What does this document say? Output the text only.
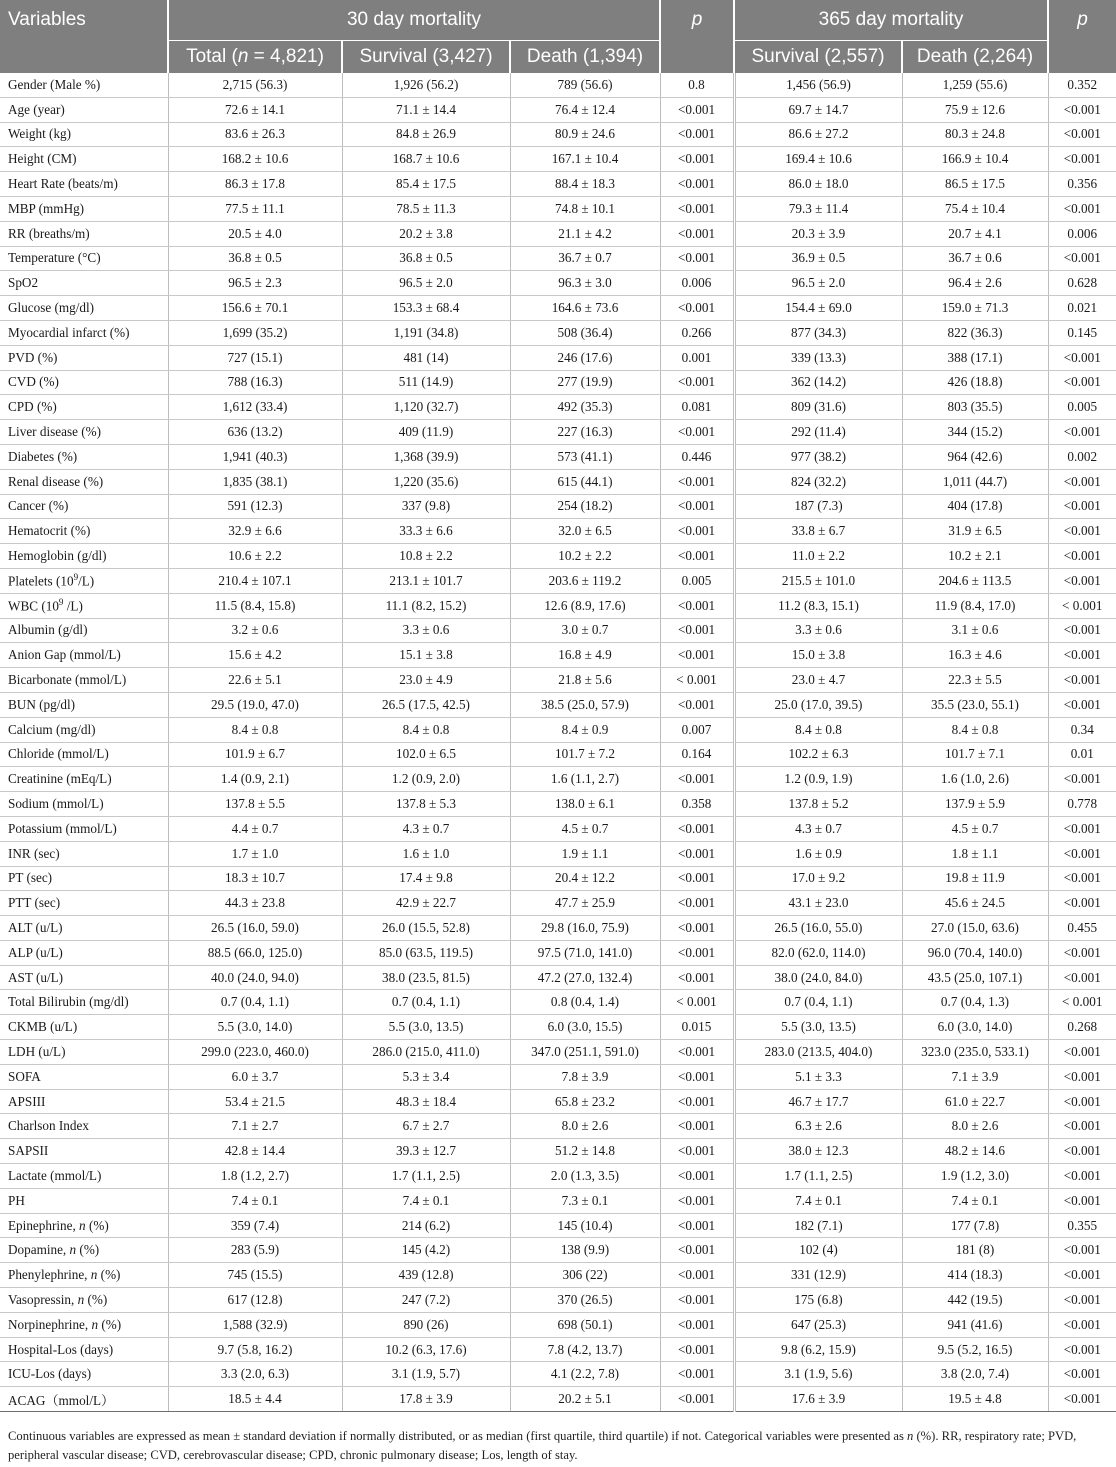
Variables	30 day mortality			p	365 day mortality		p
	Total (n = 4,821)	Survival (3,427)	Death (1,394)		Survival (2,557)	Death (2,264)	
Gender (Male %)	2,715 (56.3)	1,926 (56.2)	789 (56.6)	0.8	1,456 (56.9)	1,259 (55.6)	0.352
Age (year)	72.6 ± 14.1	71.1 ± 14.4	76.4 ± 12.4	<0.001	69.7 ± 14.7	75.9 ± 12.6	<0.001
Weight (kg)	83.6 ± 26.3	84.8 ± 26.9	80.9 ± 24.6	<0.001	86.6 ± 27.2	80.3 ± 24.8	<0.001
Height (CM)	168.2 ± 10.6	168.7 ± 10.6	167.1 ± 10.4	<0.001	169.4 ± 10.6	166.9 ± 10.4	<0.001
Heart Rate (beats/m)	86.3 ± 17.8	85.4 ± 17.5	88.4 ± 18.3	<0.001	86.0 ± 18.0	86.5 ± 17.5	0.356
MBP (mmHg)	77.5 ± 11.1	78.5 ± 11.3	74.8 ± 10.1	<0.001	79.3 ± 11.4	75.4 ± 10.4	<0.001
RR (breaths/m)	20.5 ± 4.0	20.2 ± 3.8	21.1 ± 4.2	<0.001	20.3 ± 3.9	20.7 ± 4.1	0.006
Temperature (°C)	36.8 ± 0.5	36.8 ± 0.5	36.7 ± 0.7	<0.001	36.9 ± 0.5	36.7 ± 0.6	<0.001
SpO2	96.5 ± 2.3	96.5 ± 2.0	96.3 ± 3.0	0.006	96.5 ± 2.0	96.4 ± 2.6	0.628
Glucose (mg/dl)	156.6 ± 70.1	153.3 ± 68.4	164.6 ± 73.6	<0.001	154.4 ± 69.0	159.0 ± 71.3	0.021
Myocardial infarct (%)	1,699 (35.2)	1,191 (34.8)	508 (36.4)	0.266	877 (34.3)	822 (36.3)	0.145
PVD (%)	727 (15.1)	481 (14)	246 (17.6)	0.001	339 (13.3)	388 (17.1)	<0.001
CVD (%)	788 (16.3)	511 (14.9)	277 (19.9)	<0.001	362 (14.2)	426 (18.8)	<0.001
CPD (%)	1,612 (33.4)	1,120 (32.7)	492 (35.3)	0.081	809 (31.6)	803 (35.5)	0.005
Liver disease (%)	636 (13.2)	409 (11.9)	227 (16.3)	<0.001	292 (11.4)	344 (15.2)	<0.001
Diabetes (%)	1,941 (40.3)	1,368 (39.9)	573 (41.1)	0.446	977 (38.2)	964 (42.6)	0.002
Renal disease (%)	1,835 (38.1)	1,220 (35.6)	615 (44.1)	<0.001	824 (32.2)	1,011 (44.7)	<0.001
Cancer (%)	591 (12.3)	337 (9.8)	254 (18.2)	<0.001	187 (7.3)	404 (17.8)	<0.001
Hematocrit (%)	32.9 ± 6.6	33.3 ± 6.6	32.0 ± 6.5	<0.001	33.8 ± 6.7	31.9 ± 6.5	<0.001
Hemoglobin (g/dl)	10.6 ± 2.2	10.8 ± 2.2	10.2 ± 2.2	<0.001	11.0 ± 2.2	10.2 ± 2.1	<0.001
Platelets $(10^9/L)$	210.4 ± 107.1	213.1 ± 101.7	203.6 ± 119.2	0.005	215.5 ± 101.0	204.6 ± 113.5	<0.001
WBC ($10^9$ /L)	11.5 (8.4, 15.8)	11.1 (8.2, 15.2)	12.6 (8.9, 17.6)	<0.001	11.2 (8.3, 15.1)	11.9 (8.4, 17.0)	< 0.001
Albumin (g/dl)	3.2 ± 0.6	3.3 ± 0.6	3.0 ± 0.7	<0.001	3.3 ± 0.6	3.1 ± 0.6	<0.001
Anion Gap (mmol/L)	15.6 ± 4.2	15.1 ± 3.8	16.8 ± 4.9	<0.001	15.0 ± 3.8	16.3 ± 4.6	<0.001
Bicarbonate (mmol/L)	22.6 ± 5.1	23.0 ± 4.9	21.8 ± 5.6	< 0.001	23.0 ± 4.7	22.3 ± 5.5	<0.001
BUN (pg/dl)	29.5 (19.0, 47.0)	26.5 (17.5, 42.5)	38.5 (25.0, 57.9)	<0.001	25.0 (17.0, 39.5)	35.5 (23.0, 55.1)	<0.001
Calcium (mg/dl)	8.4 ± 0.8	8.4 ± 0.8	8.4 ± 0.9	0.007	8.4 ± 0.8	8.4 ± 0.8	0.34
Chloride (mmol/L)	101.9 ± 6.7	102.0 ± 6.5	101.7 ± 7.2	0.164	102.2 ± 6.3	101.7 ± 7.1	0.01
Creatinine (mEq/L)	1.4 (0.9, 2.1)	1.2 (0.9, 2.0)	1.6 (1.1, 2.7)	<0.001	1.2 (0.9, 1.9)	1.6 (1.0, 2.6)	<0.001
Sodium (mmol/L)	137.8 ± 5.5	137.8 ± 5.3	138.0 ± 6.1	0.358	137.8 ± 5.2	137.9 ± 5.9	0.778
Potassium (mmol/L)	4.4 ± 0.7	4.3 ± 0.7	4.5 ± 0.7	<0.001	4.3 ± 0.7	4.5 ± 0.7	<0.001
INR (sec)	1.7 ± 1.0	1.6 ± 1.0	1.9 ± 1.1	<0.001	1.6 ± 0.9	1.8 ± 1.1	<0.001
PT (sec)	18.3 ± 10.7	17.4 ± 9.8	20.4 ± 12.2	<0.001	17.0 ± 9.2	19.8 ± 11.9	<0.001
PTT (sec)	44.3 ± 23.8	42.9 ± 22.7	47.7 ± 25.9	<0.001	43.1 ± 23.0	45.6 ± 24.5	<0.001
ALT (u/L)	26.5 (16.0, 59.0)	26.0 (15.5, 52.8)	29.8 (16.0, 75.9)	<0.001	26.5 (16.0, 55.0)	27.0 (15.0, 63.6)	0.455
ALP (u/L)	88.5 (66.0, 125.0)	85.0 (63.5, 119.5)	97.5 (71.0, 141.0)	<0.001	82.0 (62.0, 114.0)	96.0 (70.4, 140.0)	<0.001
AST (u/L)	40.0 (24.0, 94.0)	38.0 (23.5, 81.5)	47.2 (27.0, 132.4)	<0.001	38.0 (24.0, 84.0)	43.5 (25.0, 107.1)	<0.001
Total Bilirubin (mg/dl)	0.7 (0.4, 1.1)	0.7 (0.4, 1.1)	0.8 (0.4, 1.4)	< 0.001	0.7 (0.4, 1.1)	0.7 (0.4, 1.3)	< 0.001
CKMB (u/L)	5.5 (3.0, 14.0)	5.5 (3.0, 13.5)	6.0 (3.0, 15.5)	0.015	5.5 (3.0, 13.5)	6.0 (3.0, 14.0)	0.268
LDH (u/L)	299.0 (223.0, 460.0)	286.0 (215.0, 411.0)	347.0 (251.1, 591.0)	<0.001	283.0 (213.5, 404.0)	323.0 (235.0, 533.1)	<0.001
SOFA	6.0 ± 3.7	5.3 ± 3.4	7.8 ± 3.9	<0.001	5.1 ± 3.3	7.1 ± 3.9	<0.001
APSIII	53.4 ± 21.5	48.3 ± 18.4	65.8 ± 23.2	<0.001	46.7 ± 17.7	61.0 ± 22.7	<0.001
Charlson Index	7.1 ± 2.7	6.7 ± 2.7	8.0 ± 2.6	<0.001	6.3 ± 2.6	8.0 ± 2.6	<0.001
SAPSII	42.8 ± 14.4	39.3 ± 12.7	51.2 ± 14.8	<0.001	38.0 ± 12.3	48.2 ± 14.6	<0.001
Lactate (mmol/L)	1.8 (1.2, 2.7)	1.7 (1.1, 2.5)	2.0 (1.3, 3.5)	<0.001	1.7 (1.1, 2.5)	1.9 (1.2, 3.0)	<0.001
PH	7.4 ± 0.1	7.4 ± 0.1	7.3 ± 0.1	<0.001	7.4 ± 0.1	7.4 ± 0.1	<0.001
Epinephrine, n (%)	359 (7.4)	214 (6.2)	145 (10.4)	<0.001	182 (7.1)	177 (7.8)	0.355
Dopamine, n (%)	283 (5.9)	145 (4.2)	138 (9.9)	<0.001	102 (4)	181 (8)	<0.001
Phenylephrine, n (%)	745 (15.5)	439 (12.8)	306 (22)	<0.001	331 (12.9)	414 (18.3)	<0.001
Vasopressin, n (%)	617 (12.8)	247 (7.2)	370 (26.5)	<0.001	175 (6.8)	442 (19.5)	<0.001
Norpinephrine, n (%)	1,588 (32.9)	890 (26)	698 (50.1)	<0.001	647 (25.3)	941 (41.6)	<0.001
Hospital-Los (days)	9.7 (5.8, 16.2)	10.2 (6.3, 17.6)	7.8 (4.2, 13.7)	<0.001	9.8 (6.2, 15.9)	9.5 (5.2, 16.5)	<0.001
ICU-Los (days)	3.3 (2.0, 6.3)	3.1 (1.9, 5.7)	4.1 (2.2, 7.8)	<0.001	3.1 (1.9, 5.6)	3.8 (2.0, 7.4)	<0.001
ACAG（mmol/L）	18.5 ± 4.4	17.8 ± 3.9	20.2 ± 5.1	<0.001	17.6 ± 3.9	19.5 ± 4.8	<0.001
Continuous variables are expressed as mean ± standard deviation if normally distributed, or as median (first quartile, third quartile) if not. Categorical variables were presented as n (%). RR, respiratory rate; PVD, peripheral vascular disease; CVD, cerebrovascular disease; CPD, chronic pulmonary disease; Los, length of stay.
